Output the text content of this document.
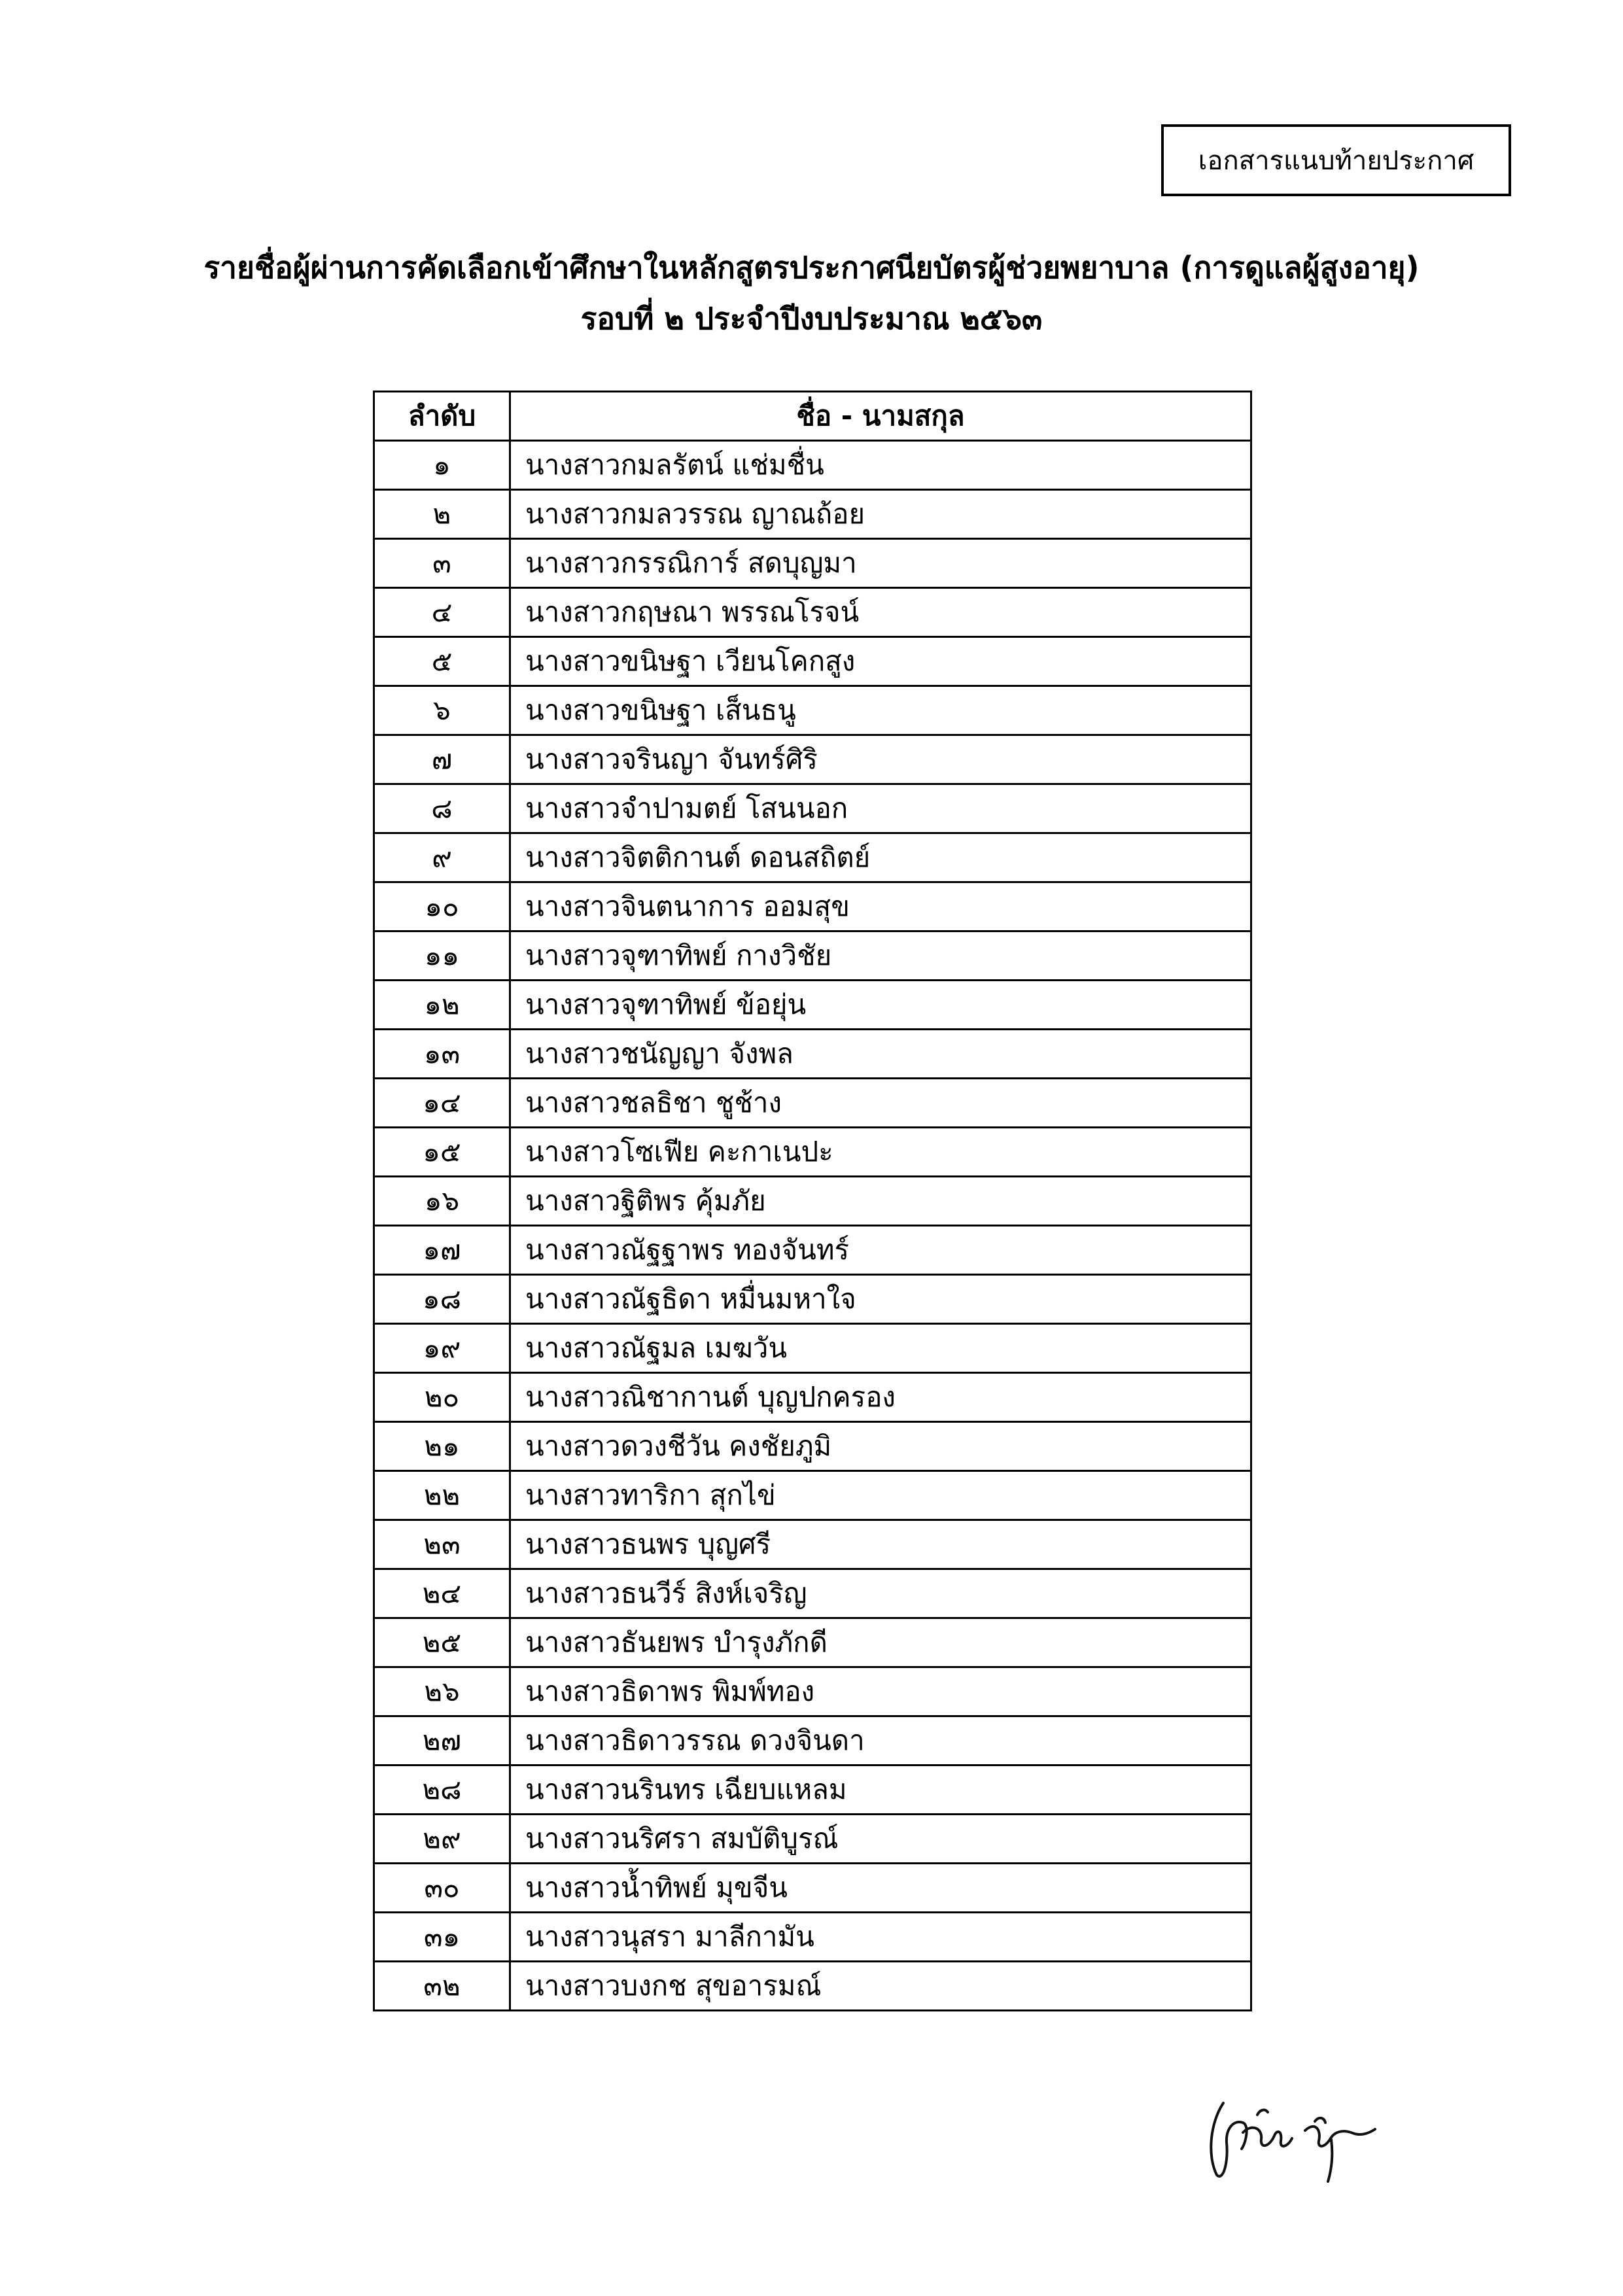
เอกสารแนบท้ายประกาศ
รายชื่อผู้ผ่านการคัดเลือกเข้าศึกษาในหลักสูตรประกาศนียบัตรผู้ช่วยพยาบาล (การดูแลผู้สูงอายุ)
รอบที่ ๒ ประจำปีงบประมาณ ๒๕๖๓
ลำดับ	ชื่อ - นามสกุล
๑	นางสาวกมลรัตน์ แช่มชื่น
๒	นางสาวกมลวรรณ ญาณถ้อย
๓	นางสาวกรรณิการ์ สดบุญมา
๔	นางสาวกฤษณา พรรณโรจน์
๕	นางสาวขนิษฐา เวียนโคกสูง
๖	นางสาวขนิษฐา เส็นธนู
๗	นางสาวจรินญา จันทร์ศิริ
๘	นางสาวจำปามตย์ โสนนอก
๙	นางสาวจิตติกานต์ ดอนสถิตย์
๑๐	นางสาวจินตนาการ ออมสุข
๑๑	นางสาวจุฑาทิพย์ กางวิชัย
๑๒	นางสาวจุฑาทิพย์ ข้อยุ่น
๑๓	นางสาวชนัญญา จังพล
๑๔	นางสาวชลธิชา ชูช้าง
๑๕	นางสาวโซเฟีย คะกาเนปะ
๑๖	นางสาวฐิติพร คุ้มภัย
๑๗	นางสาวณัฐฐาพร ทองจันทร์
๑๘	นางสาวณัฐธิดา หมื่นมหาใจ
๑๙	นางสาวณัฐมล เมฆวัน
๒๐	นางสาวณิชากานต์ บุญปกครอง
๒๑	นางสาวดวงชีวัน คงชัยภูมิ
๒๒	นางสาวทาริกา สุกไข่
๒๓	นางสาวธนพร บุญศรี
๒๔	นางสาวธนวีร์ สิงห์เจริญ
๒๕	นางสาวธันยพร บำรุงภักดี
๒๖	นางสาวธิดาพร พิมพ์ทอง
๒๗	นางสาวธิดาวรรณ ดวงจินดา
๒๘	นางสาวนรินทร เฉียบแหลม
๒๙	นางสาวนริศรา สมบัติบูรณ์
๓๐	นางสาวน้ำทิพย์ มุขจีน
๓๑	นางสาวนุสรา มาลีกามัน
๓๒	นางสาวบงกช สุขอารมณ์
